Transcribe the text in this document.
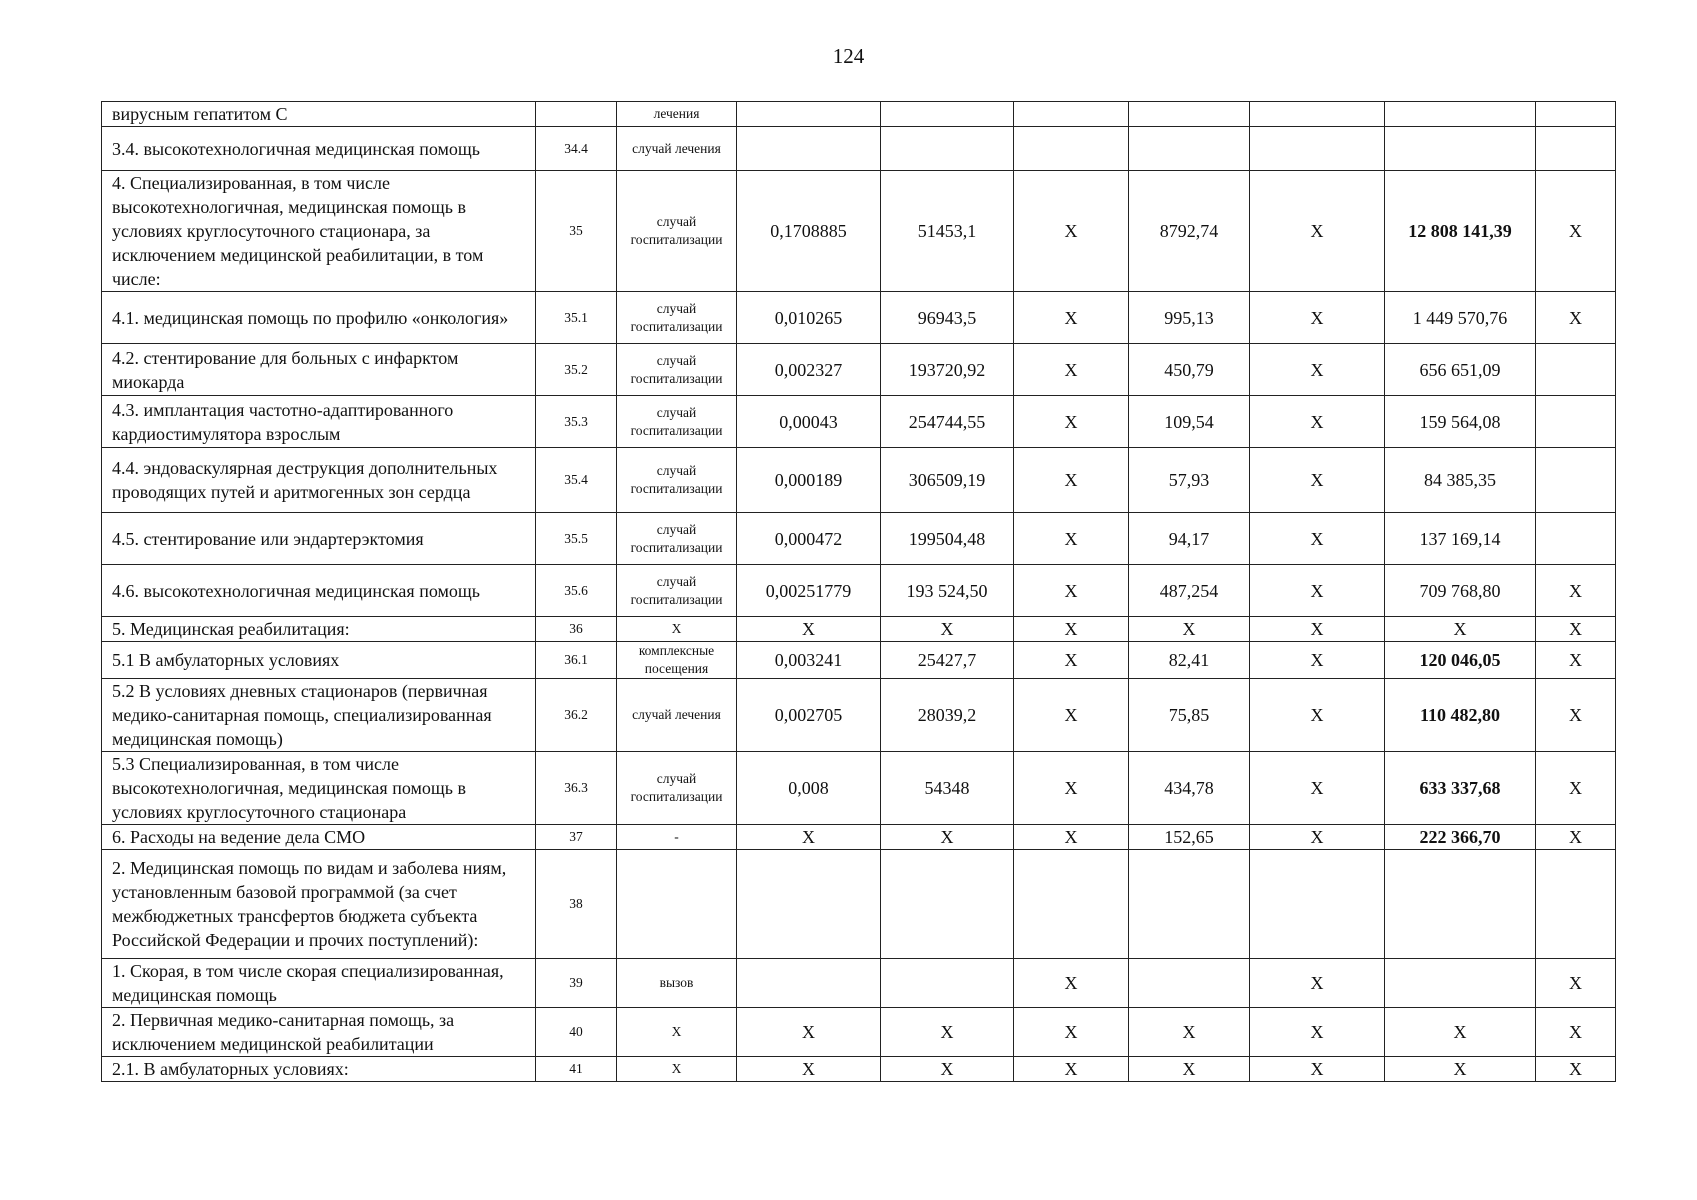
124
вирусным гепатитом С		лечения							
3.4. высокотехнологичная медицинская помощь	34.4	случай лечения							
4. Специализированная, в том числе высокотехнологичная, медицинская помощь в условиях круглосуточного стационара, за исключением медицинской реабилитации, в том числе:	35	случай госпитализации	0,1708885	51453,1	Х	8792,74	Х	12 808 141,39	Х
4.1. медицинская помощь по профилю «онкология»	35.1	случай госпитализации	0,010265	96943,5	Х	995,13	Х	1 449 570,76	Х
4.2. стентирование для больных с инфарктом миокарда	35.2	случай госпитализации	0,002327	193720,92	Х	450,79	Х	656 651,09	
4.3. имплантация частотно-адаптированного кардиостимулятора взрослым	35.3	случай госпитализации	0,00043	254744,55	Х	109,54	Х	159 564,08	
4.4. эндоваскулярная деструкция дополнительных проводящих путей и аритмогенных зон сердца	35.4	случай госпитализации	0,000189	306509,19	Х	57,93	Х	84 385,35	
4.5. стентирование или эндартерэктомия	35.5	случай госпитализации	0,000472	199504,48	Х	94,17	Х	137 169,14	
4.6. высокотехнологичная медицинская помощь	35.6	случай госпитализации	0,00251779	193 524,50	Х	487,254	Х	709 768,80	Х
5. Медицинская реабилитация:	36	Х	Х	Х	Х	Х	Х	Х	Х
5.1 В амбулаторных условиях	36.1	комплексные посещения	0,003241	25427,7	Х	82,41	Х	120 046,05	Х
5.2 В условиях дневных стационаров (первичная медико-санитарная помощь, специализированная медицинская помощь)	36.2	случай лечения	0,002705	28039,2	Х	75,85	Х	110 482,80	Х
5.3 Специализированная, в том числе высокотехнологичная, медицинская помощь в условиях круглосуточного стационара	36.3	случай госпитализации	0,008	54348	Х	434,78	Х	633 337,68	Х
6. Расходы на ведение дела СМО	37	-	Х	Х	Х	152,65	Х	222 366,70	Х
2. Медицинская помощь по видам и заболева ниям, установленным базовой программой (за счет межбюджетных трансфертов бюджета субъекта Российской Федерации и прочих поступлений):	38								
1. Скорая, в том числе скорая специализированная, медицинская помощь	39	вызов			Х		Х		Х
2. Первичная медико-санитарная помощь, за исключением медицинской реабилитации	40	Х	Х	Х	Х	Х	Х	Х	Х
2.1. В амбулаторных условиях:	41	Х	Х	Х	Х	Х	Х	Х	Х
